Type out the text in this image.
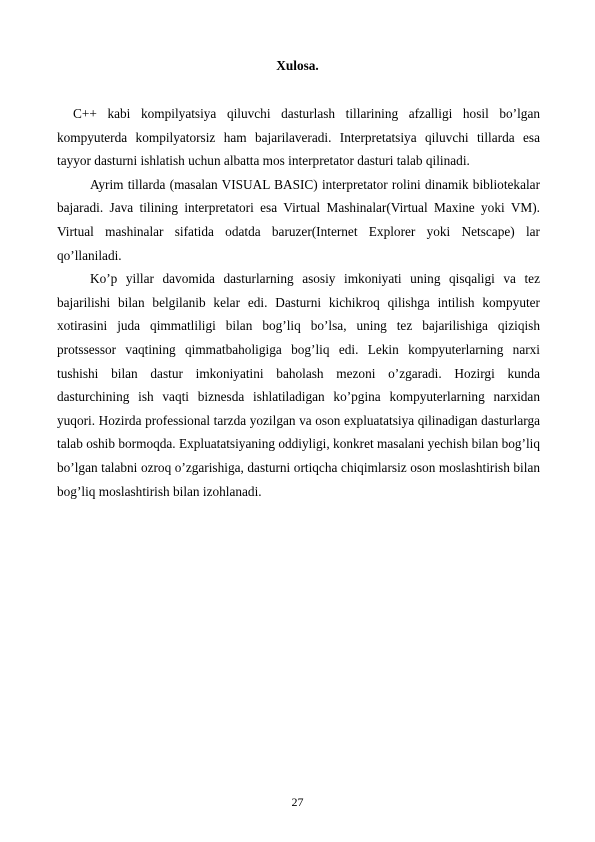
Xulosa.

C++ kabi kompilyatsiya qiluvchi dasturlash tillarining afzalligi hosil bo’lgan kompyuterda kompilyatorsiz ham bajarilaveradi. Interpretatsiya qiluvchi tillarda esa tayyor dasturni ishlatish uchun albatta mos interpretator dasturi talab qilinadi.

Ayrim tillarda (masalan VISUAL BASIC) interpretator rolini dinamik bibliotekalar bajaradi. Java tilining interpretatori esa Virtual Mashinalar(Virtual Maxine yoki VM). Virtual mashinalar sifatida odatda baruzer(Internet Explorer yoki Netscape) lar qo’llaniladi.

Ko’p yillar davomida dasturlarning asosiy imkoniyati uning qisqaligi va tez bajarilishi bilan belgilanib kelar edi. Dasturni kichikroq qilishga intilish kompyuter xotirasini juda qimmatliligi bilan bog’liq bo’lsa, uning tez bajarilishiga qiziqish protssessor vaqtining qimmatbaholigiga bog’liq edi. Lekin kompyuterlarning narxi tushishi bilan dastur imkoniyatini baholash mezoni o’zgaradi. Hozirgi kunda dasturchining ish vaqti biznesda ishlatiladigan ko’pgina kompyuterlarning narxidan yuqori. Hozirda professional tarzda yozilgan va oson expluatatsiya qilinadigan dasturlarga talab oshib bormoqda. Expluatatsiyaning oddiyligi, konkret masalani yechish bilan bog’liq bo’lgan talabni ozroq o’zgarishiga, dasturni ortiqcha chiqimlarsiz oson moslashtirish bilan bog’liq moslashtirish bilan izohlanadi.

27
